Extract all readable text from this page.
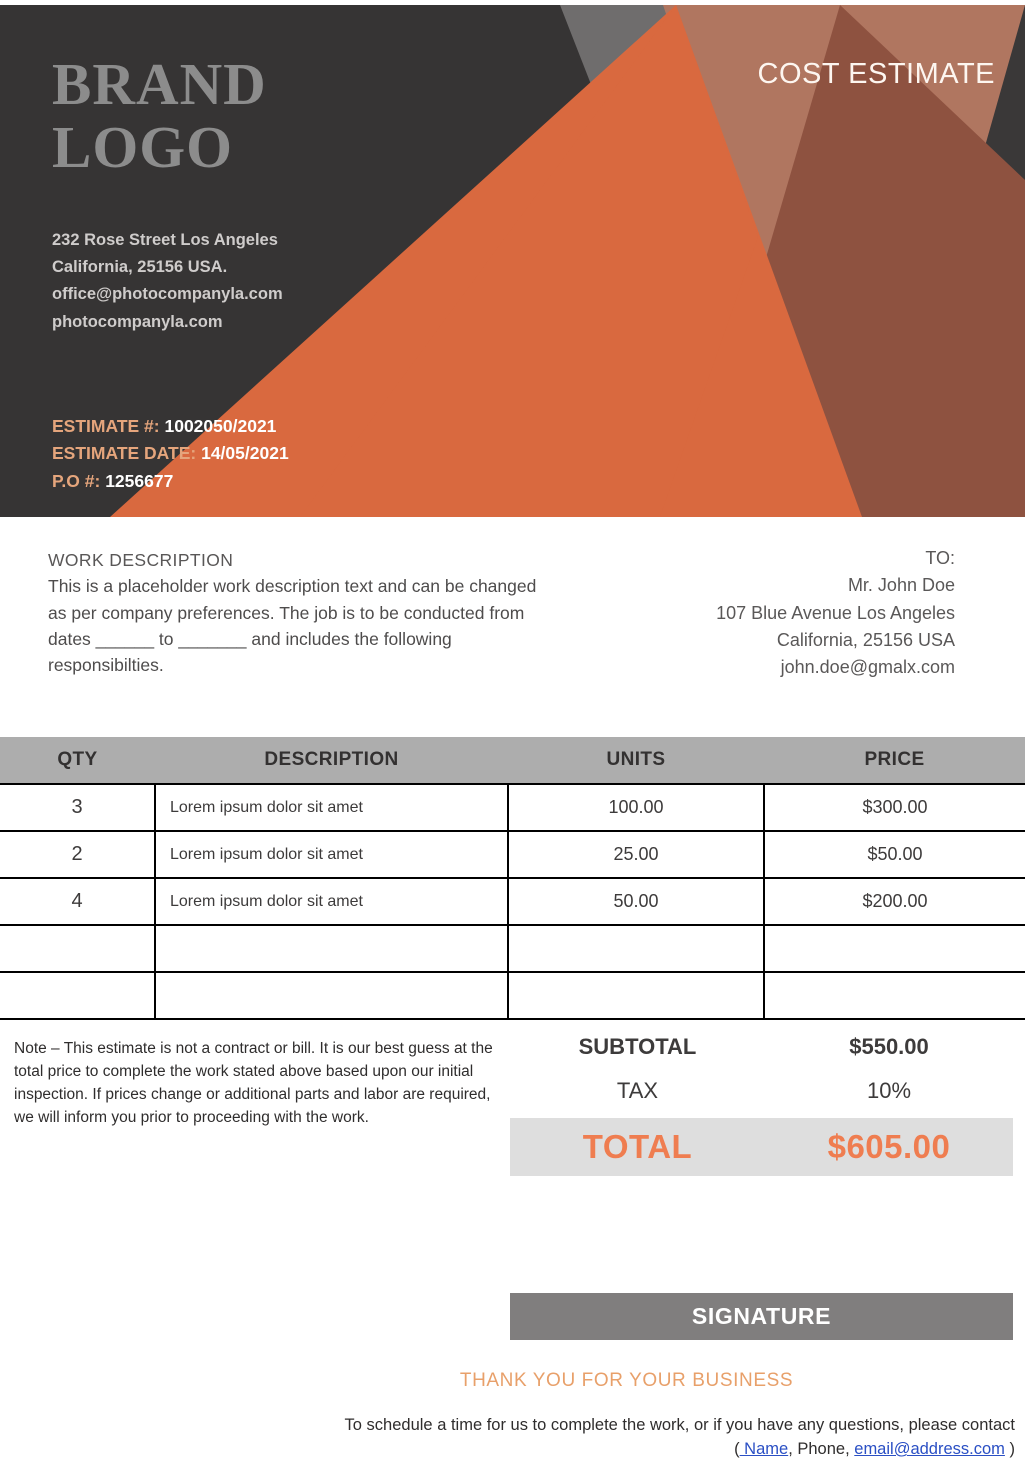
BRAND
LOGO
COST ESTIMATE
232 Rose Street Los Angeles
California, 25156 USA.
office@photocompanyla.com
photocompanyla.com
ESTIMATE #: 1002050/2021
ESTIMATE DATE: 14/05/2021
P.O #: 1256677
WORK DESCRIPTION
This is a placeholder work description text and can be changed as per company preferences. The job is to be conducted from dates ______ to _______ and includes the following responsibilties.
TO:
Mr. John Doe
107 Blue Avenue Los Angeles
California, 25156 USA
john.doe@gmalx.com
QTY	DESCRIPTION	UNITS	PRICE
3	Lorem ipsum dolor sit amet	100.00	$300.00
2	Lorem ipsum dolor sit amet	25.00	$50.00
4	Lorem ipsum dolor sit amet	50.00	$200.00

Note – This estimate is not a contract or bill. It is our best guess at the total price to complete the work stated above based upon our initial inspection. If prices change or additional parts and labor are required, we will inform you prior to proceeding with the work.
SUBTOTAL	$550.00
TAX	10%
TOTAL	$605.00
SIGNATURE
THANK YOU FOR YOUR BUSINESS
To schedule a time for us to complete the work, or if you have any questions, please contact
( Name, Phone, email@address.com )
